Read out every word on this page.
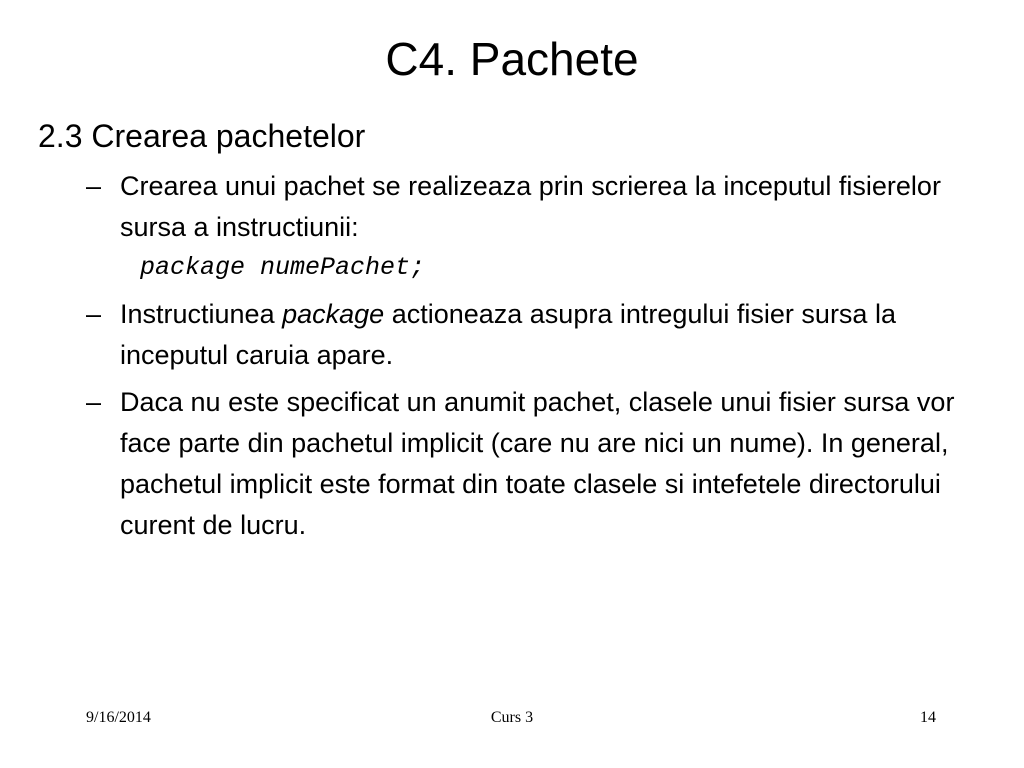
C4. Pachete

2.3 Crearea pachetelor

– Crearea unui pachet se realizeaza prin scrierea la inceputul fisierelor sursa a instructiunii:
package numePachet;
– Instructiunea package actioneaza asupra intregului fisier sursa la inceputul caruia apare.
– Daca nu este specificat un anumit pachet, clasele unui fisier sursa vor face parte din pachetul implicit (care nu are nici un nume). In general, pachetul implicit este format din toate clasele si intefetele directorului curent de lucru.
9/16/2014	Curs 3	14
